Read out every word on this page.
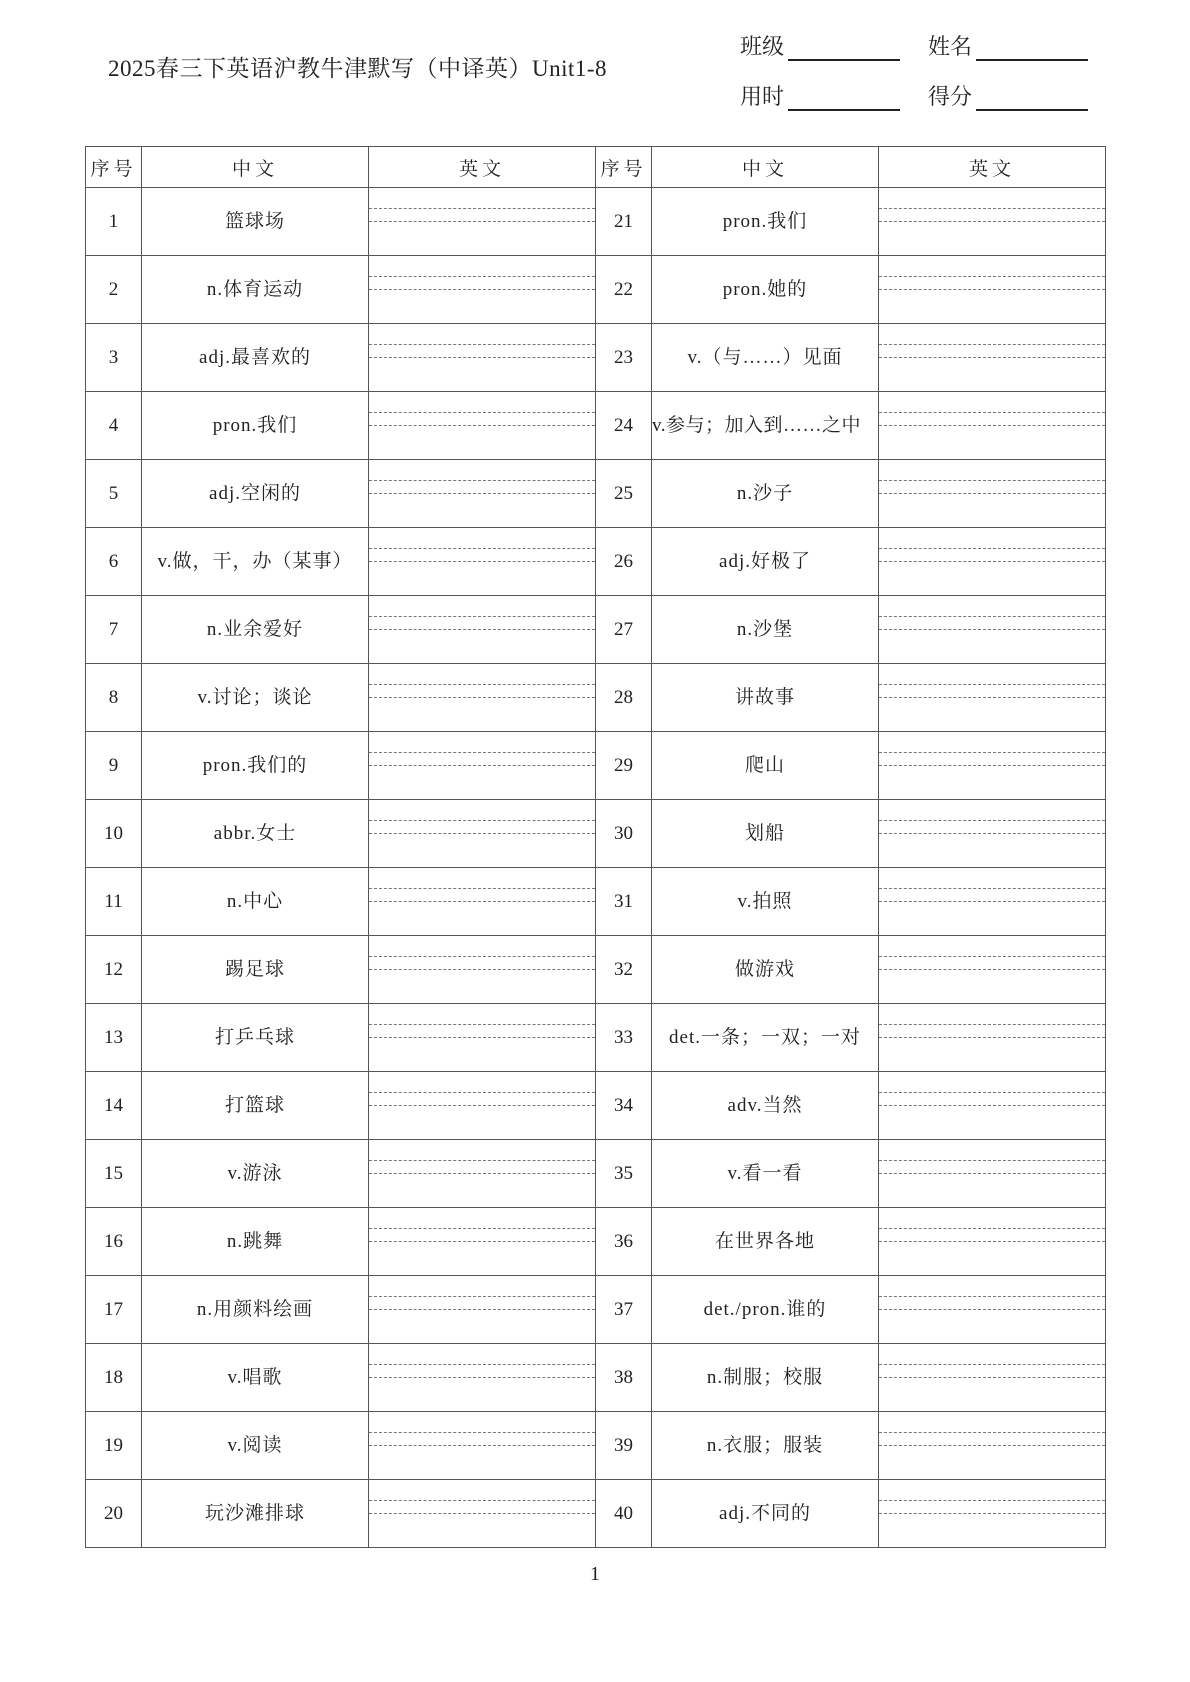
2025春三下英语沪教牛津默写（中译英）Unit1-8
班级	姓名
用时	得分
序号	中文	英文	序号	中文	英文
1	篮球场		21	pron.我们	

2	n.体育运动		22	pron.她的	

3	adj.最喜欢的		23	v.（与……）见面	

4	pron.我们		24	v.参与；加入到……之中	

5	adj.空闲的		25	n.沙子	

6	v.做，干，办（某事）		26	adj.好极了	

7	n.业余爱好		27	n.沙堡	

8	v.讨论；谈论		28	讲故事	

9	pron.我们的		29	爬山	

10	abbr.女士		30	划船	

11	n.中心		31	v.拍照	

12	踢足球		32	做游戏	

13	打乒乓球		33	det.一条；一双；一对	

14	打篮球		34	adv.当然	

15	v.游泳		35	v.看一看	

16	n.跳舞		36	在世界各地	

17	n.用颜料绘画		37	det./pron.谁的	

18	v.唱歌		38	n.制服；校服	

19	v.阅读		39	n.衣服；服装	

20	玩沙滩排球		40	adj.不同的	
1
